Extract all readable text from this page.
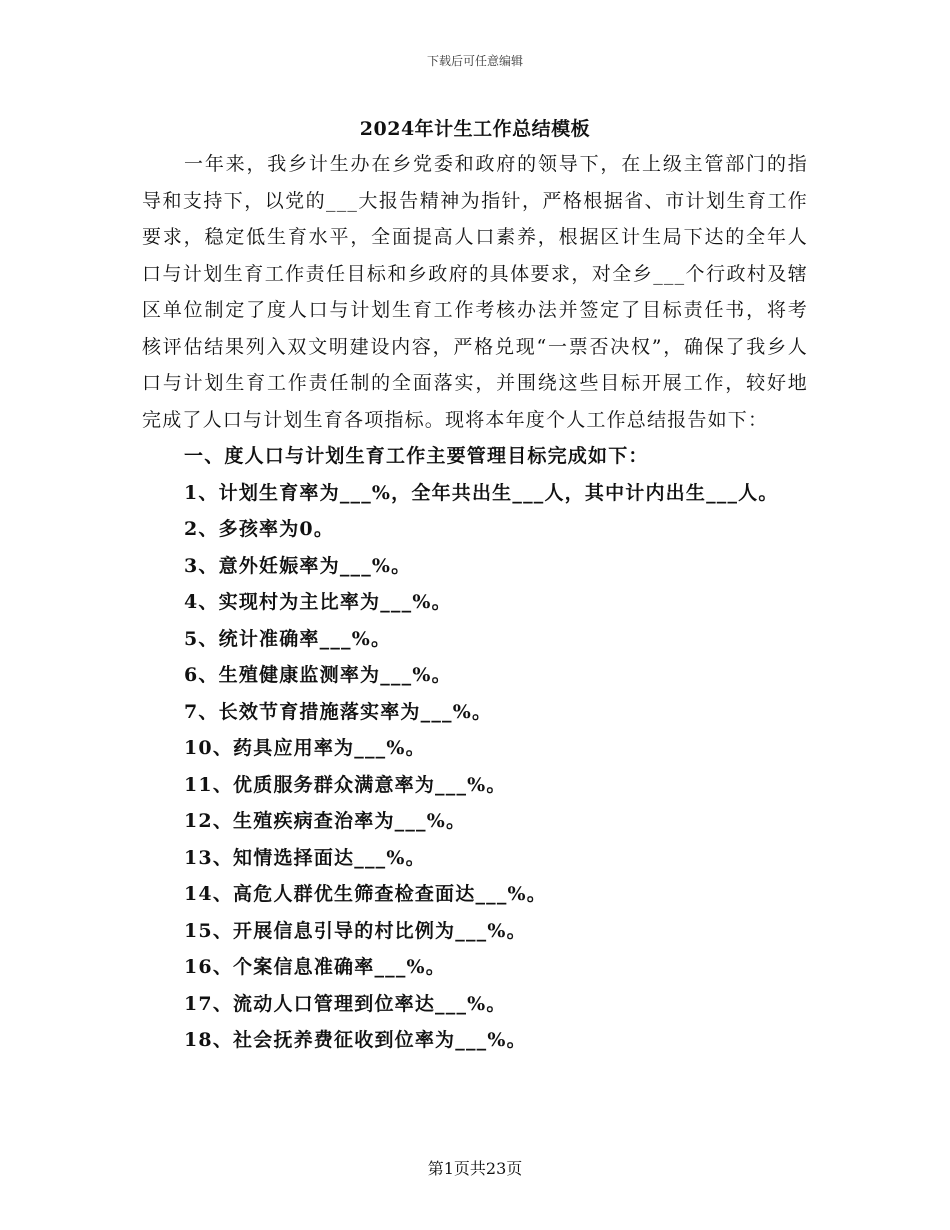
下载后可任意编辑
2024年计生工作总结模板

一年来，我乡计生办在乡党委和政府的领导下，在上级主管部门的指导和支持下，以党的___大报告精神为指针，严格根据省、市计划生育工作要求，稳定低生育水平，全面提高人口素养，根据区计生局下达的全年人口与计划生育工作责任目标和乡政府的具体要求，对全乡___个行政村及辖区单位制定了度人口与计划生育工作考核办法并签定了目标责任书，将考核评估结果列入双文明建设内容，严格兑现“一票否决权”，确保了我乡人口与计划生育工作责任制的全面落实，并围绕这些目标开展工作，较好地完成了人口与计划生育各项指标。现将本年度个人工作总结报告如下：

一、度人口与计划生育工作主要管理目标完成如下：

1、计划生育率为___%，全年共出生___人，其中计内出生___人。
2、多孩率为0。
3、意外妊娠率为___%。
4、实现村为主比率为___%。
5、统计准确率___%。
6、生殖健康监测率为___%。
7、长效节育措施落实率为___%。
10、药具应用率为___%。
11、优质服务群众满意率为___%。
12、生殖疾病查治率为___%。
13、知情选择面达___%。
14、高危人群优生筛查检查面达___%。
15、开展信息引导的村比例为___%。
16、个案信息准确率___%。
17、流动人口管理到位率达___%。
18、社会抚养费征收到位率为___%。
第1页共23页
